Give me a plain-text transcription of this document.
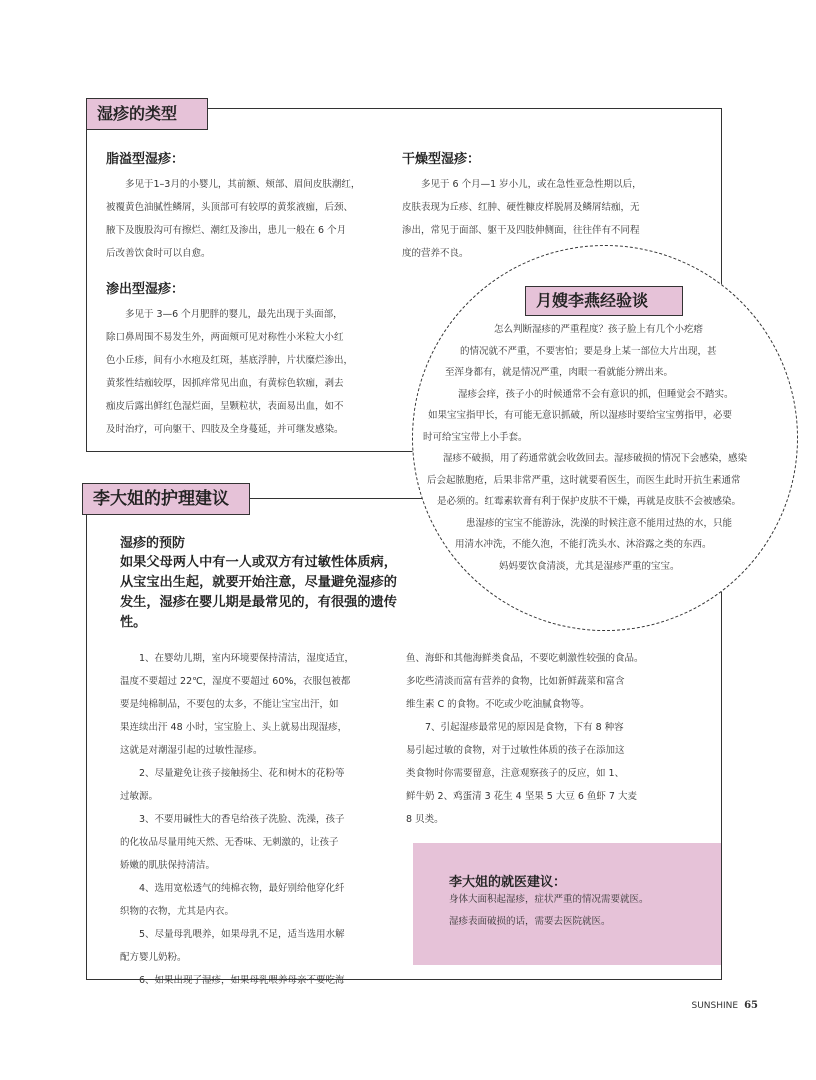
湿疹的类型
脂溢型湿疹：

多见于1–3月的小婴儿，其前额、颊部、眉间皮肤潮红，

被覆黄色油腻性鳞屑，头顶部可有较厚的黄浆液痂，后颈、

腋下及腹股沟可有擦烂、潮红及渗出，患儿一般在 6 个月

后改善饮食时可以自愈。

干燥型湿疹：

多见于 6 个月—1 岁小儿，或在急性亚急性期以后，

皮肤表现为丘疹、红肿、硬性糠皮样脱屑及鳞屑结痂，无

渗出，常见于面部、躯干及四肢伸侧面，往往伴有不同程

度的营养不良。

渗出型湿疹：

多见于 3—6 个月肥胖的婴儿，最先出现于头面部，

除口鼻周围不易发生外，两面颊可见对称性小米粒大小红

色小丘疹，间有小水疱及红斑，基底浮肿，片状糜烂渗出，

黄浆性结痂较厚，因抓痒常见出血，有黄棕色软痂，剥去

痂皮后露出鲜红色湿烂面，呈颗粒状，表面易出血，如不

及时治疗，可向躯干、四肢及全身蔓延，并可继发感染。

李大姐的护理建议
湿疹的预防
如果父母两人中有一人或双方有过敏性体质病，
从宝宝出生起，就要开始注意，尽量避免湿疹的
发生，湿疹在婴儿期是最常见的，有很强的遗传
性。

1、在婴幼儿期，室内环境要保持清洁，湿度适宜，

温度不要超过 22℃，湿度不要超过 60%，衣服包被都

要是纯棉制品，不要包的太多，不能让宝宝出汗，如

果连续出汗 48 小时，宝宝脸上、头上就易出现湿疹，

这就是对潮湿引起的过敏性湿疹。

2、尽量避免让孩子接触扬尘、花和树木的花粉等

过敏源。

3、不要用碱性大的香皂给孩子洗脸、洗澡，孩子

的化妆品尽量用纯天然、无香味、无刺激的，让孩子

娇嫩的肌肤保持清洁。

4、选用宽松透气的纯棉衣物，最好别给他穿化纤

织物的衣物，尤其是内衣。

5、尽量母乳喂养，如果母乳不足，适当选用水解

配方婴儿奶粉。

6、如果出现了湿疹，如果母乳喂养母亲不要吃海

鱼、海虾和其他海鲜类食品，不要吃刺激性较强的食品。

多吃些清淡而富有营养的食物，比如新鲜蔬菜和富含

维生素 C 的食物。不吃或少吃油腻食物等。

7、引起湿疹最常见的原因是食物，下有 8 种容

易引起过敏的食物，对于过敏性体质的孩子在添加这

类食物时你需要留意，注意观察孩子的反应，如 1、

鲜牛奶 2、鸡蛋清 3 花生 4 坚果 5 大豆 6 鱼虾 7 大麦

8 贝类。

李大姐的就医建议：
身体大面积起湿疹，症状严重的情况需要就医。
湿疹表面破损的话，需要去医院就医。
月嫂李燕经验谈
怎么判断湿疹的严重程度？孩子脸上有几个小疙瘩
的情况就不严重，不要害怕；要是身上某一部位大片出现，甚
至浑身都有，就是情况严重，肉眼一看就能分辨出来。
湿疹会痒，孩子小的时候通常不会有意识的抓，但睡觉会不踏实。
如果宝宝指甲长，有可能无意识抓破，所以湿疹时要给宝宝剪指甲，必要
时可给宝宝带上小手套。
湿疹不破损，用了药通常就会收敛回去。湿疹破损的情况下会感染，感染
后会起脓胞疮，后果非常严重，这时就要看医生，而医生此时开抗生素通常
是必须的。红霉素软膏有利于保护皮肤不干燥，再就是皮肤不会被感染。
患湿疹的宝宝不能游泳，洗澡的时候注意不能用过热的水，只能
用清水冲洗，不能久泡，不能打洗头水、沐浴露之类的东西。
妈妈要饮食清淡，尤其是湿疹严重的宝宝。
SUNSHINE 65
